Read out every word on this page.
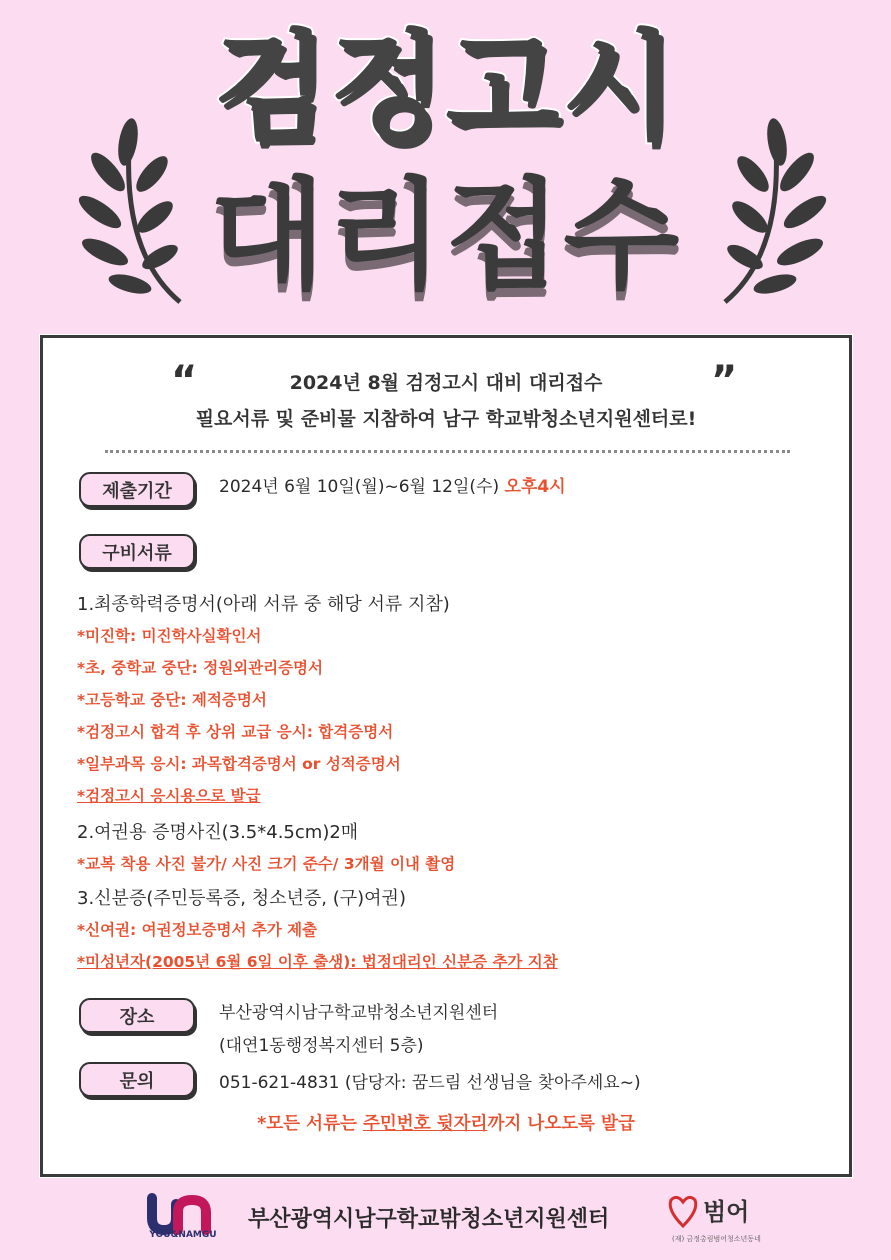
검정고시
대리접수
“	”
2024년 8월 검정고시 대비 대리접수
필요서류 및 준비물 지참하여 남구 학교밖청소년지원센터로!
제출기간	2024년 6월 10일(월)~6월 12일(수) 오후4시
구비서류
1.최종학력증명서(아래 서류 중 해당 서류 지참)
*미진학: 미진학사실확인서
*초, 중학교 중단: 정원외관리증명서
*고등학교 중단: 제적증명서
*검정고시 합격 후 상위 교급 응시: 합격증명서
*일부과목 응시: 과목합격증명서 or 성적증명서
*검정고시 응시용으로 발급
2.여권용 증명사진(3.5*4.5cm)2매
*교복 착용 사진 불가/ 사진 크기 준수/ 3개월 이내 촬영
3.신분증(주민등록증, 청소년증, (구)여권)
*신여권: 여권정보증명서 추가 제출
*미성년자(2005년 6월 6일 이후 출생): 법정대리인 신분증 추가 지참
장소	부산광역시남구학교밖청소년지원센터
(대연1동행정복지센터 5층)
문의	051-621-4831 (담당자: 꿈드림 선생님을 찾아주세요~)
*모든 서류는 주민번호 뒷자리까지 나오도록 발급
YOU&NAMGU
부산광역시남구학교밖청소년지원센터	범어
(재) 금정총림범어청소년동네
